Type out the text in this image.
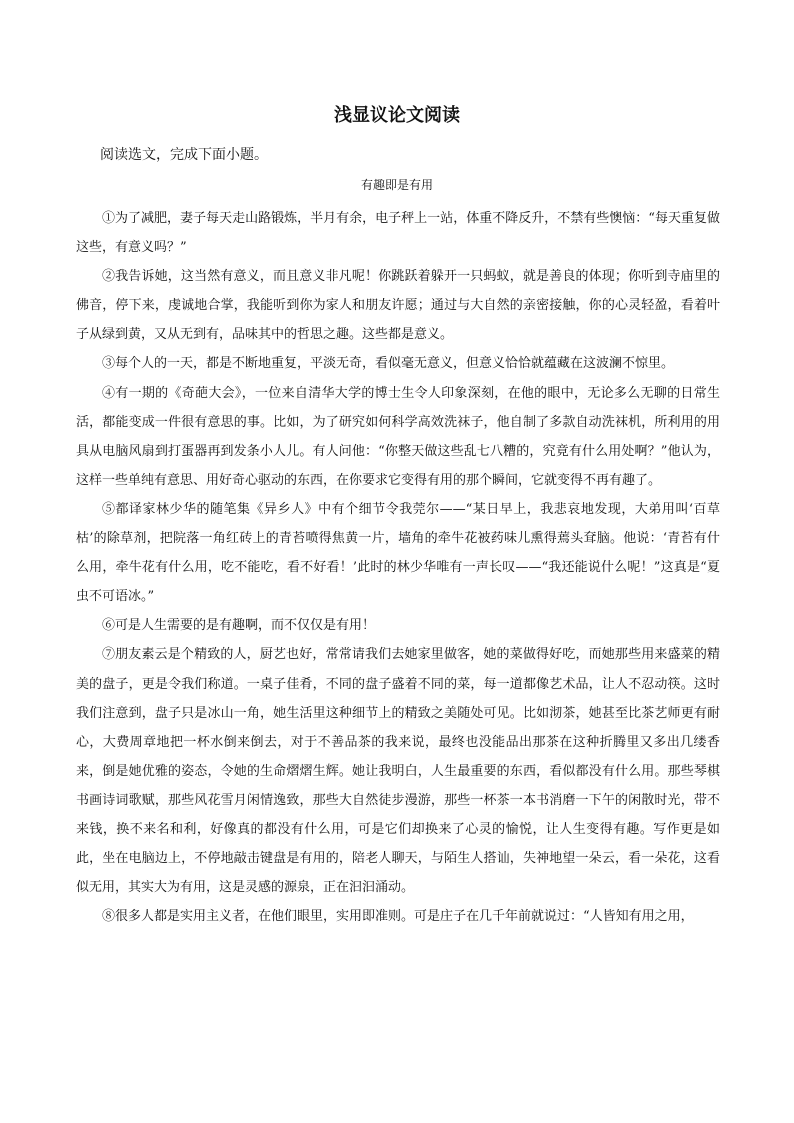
浅显议论文阅读

阅读选文，完成下面小题。

有趣即是有用

①为了减肥，妻子每天走山路锻炼，半月有余，电子秤上一站，体重不降反升，不禁有些懊恼：“每天重复做这些，有意义吗？”

②我告诉她，这当然有意义，而且意义非凡呢！你跳跃着躲开一只蚂蚁，就是善良的体现；你听到寺庙里的佛音，停下来，虔诚地合掌，我能听到你为家人和朋友许愿；通过与大自然的亲密接触，你的心灵轻盈，看着叶子从绿到黄，又从无到有，品味其中的哲思之趣。这些都是意义。

③每个人的一天，都是不断地重复，平淡无奇，看似毫无意义，但意义恰恰就蕴藏在这波澜不惊里。

④有一期的《奇葩大会》，一位来自清华大学的博士生令人印象深刻，在他的眼中，无论多么无聊的日常生活，都能变成一件很有意思的事。比如，为了研究如何科学高效洗袜子，他自制了多款自动洗袜机，所利用的用具从电脑风扇到打蛋器再到发条小人儿。有人问他：“你整天做这些乱七八糟的，究竟有什么用处啊？”他认为，这样一些单纯有意思、用好奇心驱动的东西，在你要求它变得有用的那个瞬间，它就变得不再有趣了。

⑤都译家林少华的随笔集《异乡人》中有个细节令我莞尔——“某日早上，我悲哀地发现，大弟用叫‘百草枯’的除草剂，把院落一角红砖上的青苔喷得焦黄一片，墙角的牵牛花被药味儿熏得蔫头耷脑。他说：‘青苔有什么用，牵牛花有什么用，吃不能吃，看不好看！’此时的林少华唯有一声长叹——“我还能说什么呢！”这真是“夏虫不可语冰。”

⑥可是人生需要的是有趣啊，而不仅仅是有用！

⑦朋友素云是个精致的人，厨艺也好，常常请我们去她家里做客，她的菜做得好吃，而她那些用来盛菜的精美的盘子，更是令我们称道。一桌子佳肴，不同的盘子盛着不同的菜，每一道都像艺术品，让人不忍动筷。这时我们注意到，盘子只是冰山一角，她生活里这种细节上的精致之美随处可见。比如沏茶，她甚至比茶艺师更有耐心，大费周章地把一杯水倒来倒去，对于不善品茶的我来说，最终也没能品出那茶在这种折腾里又多出几缕香来，倒是她优雅的姿态，令她的生命熠熠生辉。她让我明白，人生最重要的东西，看似都没有什么用。那些琴棋书画诗词歌赋，那些风花雪月闲情逸致，那些大自然徒步漫游，那些一杯茶一本书消磨一下午的闲散时光，带不来钱，换不来名和利，好像真的都没有什么用，可是它们却换来了心灵的愉悦，让人生变得有趣。写作更是如此，坐在电脑边上，不停地敲击键盘是有用的，陪老人聊天，与陌生人搭讪，失神地望一朵云，看一朵花，这看似无用，其实大为有用，这是灵感的源泉，正在汩汩涌动。

⑧很多人都是实用主义者，在他们眼里，实用即准则。可是庄子在几千年前就说过：“人皆知有用之用，
